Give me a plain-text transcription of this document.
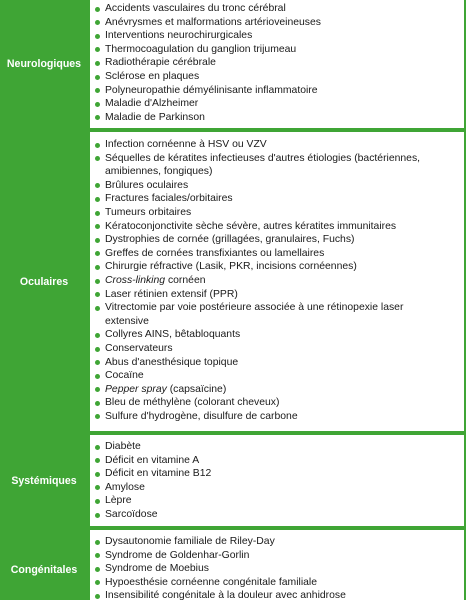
Neurologiques
Accidents vasculaires du tronc cérébral
Anévrysmes et malformations artérioveineuses
Interventions neurochirurgicales
Thermocoagulation du ganglion trijumeau
Radiothérapie cérébrale
Sclérose en plaques
Polyneuropathie démyélinisante inflammatoire
Maladie d'Alzheimer
Maladie de Parkinson
Oculaires
Infection cornéenne à HSV ou VZV
Séquelles de kératites infectieuses d'autres étiologies (bactériennes,
amibiennes, fongiques)
Brûlures oculaires
Fractures faciales/orbitaires
Tumeurs orbitaires
Kératoconjonctivite sèche sévère, autres kératites immunitaires
Dystrophies de cornée (grillagées, granulaires, Fuchs)
Greffes de cornées transfixiantes ou lamellaires
Chirurgie réfractive (Lasik, PKR, incisions cornéennes)
Cross-linking cornéen
Laser rétinien extensif (PPR)
Vitrectomie par voie postérieure associée à une rétinopexie laser
extensive
Collyres AINS, bêtabloquants
Conservateurs
Abus d'anesthésique topique
Cocaïne
Pepper spray (capsaïcine)
Bleu de méthylène (colorant cheveux)
Sulfure d'hydrogène, disulfure de carbone
Systémiques
Diabète
Déficit en vitamine A
Déficit en vitamine B12
Amylose
Lèpre
Sarcoïdose
Congénitales
Dysautonomie familiale de Riley-Day
Syndrome de Goldenhar-Gorlin
Syndrome de Moebius
Hypoesthésie cornéenne congénitale familiale
Insensibilité congénitale à la douleur avec anhidrose
